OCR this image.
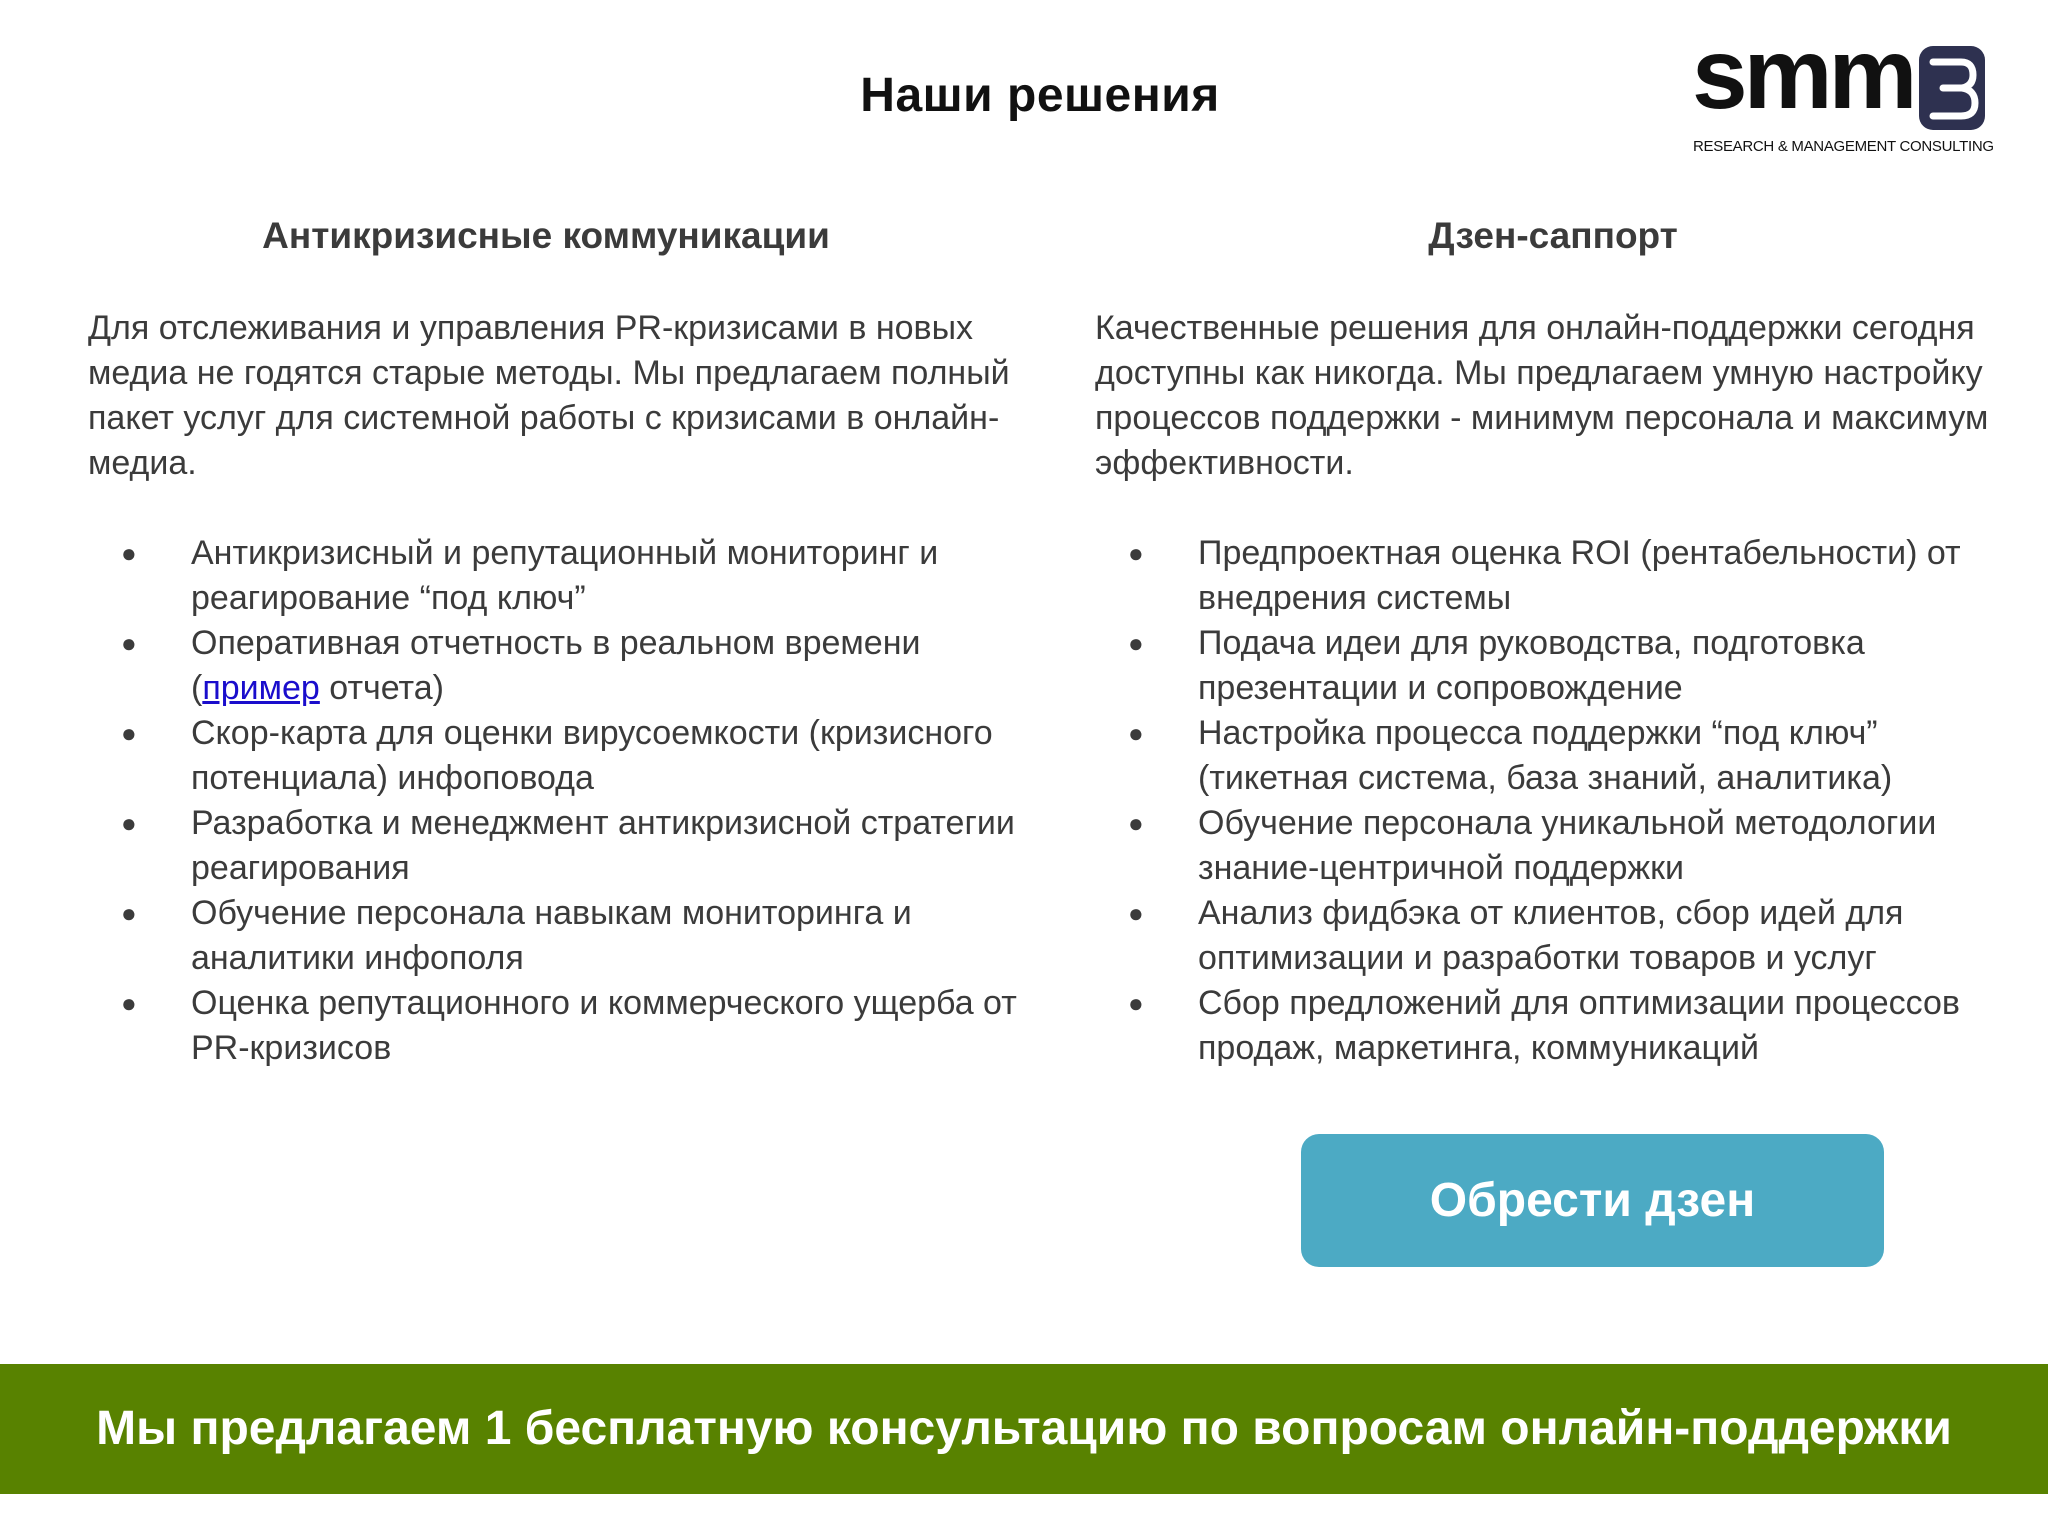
Наши решения	smm
RESEARCH & MANAGEMENT CONSULTING
Антикризисные коммуникации

Для отслеживания и управления PR-кризисами в новых медиа не годятся старые методы. Мы предлагаем полный пакет услуг для системной работы с кризисами в онлайн-медиа.

● Антикризисный и репутационный мониторинг и реагирование “под ключ”
● Оперативная отчетность в реальном времени (пример отчета)
● Скор-карта для оценки вирусоемкости (кризисного потенциала) инфоповода
● Разработка и менеджмент антикризисной стратегии реагирования
● Обучение персонала навыкам мониторинга и аналитики инфополя
● Оценка репутационного и коммерческого ущерба от PR-кризисов
Дзен-саппорт

Качественные решения для онлайн-поддержки сегодня доступны как никогда. Мы предлагаем умную настройку процессов поддержки - минимум персонала и максимум эффективности.

● Предпроектная оценка ROI (рентабельности) от внедрения системы
● Подача идеи для руководства, подготовка презентации и сопровождение
● Настройка процесса поддержки “под ключ” (тикетная система, база знаний, аналитика)
● Обучение персонала уникальной методологии знание-центричной поддержки
● Анализ фидбэка от клиентов, сбор идей для оптимизации и разработки товаров и услуг
● Сбор предложений для оптимизации процессов продаж, маркетинга, коммуникаций
Обрести дзен
Мы предлагаем 1 бесплатную консультацию по вопросам онлайн-поддержки
